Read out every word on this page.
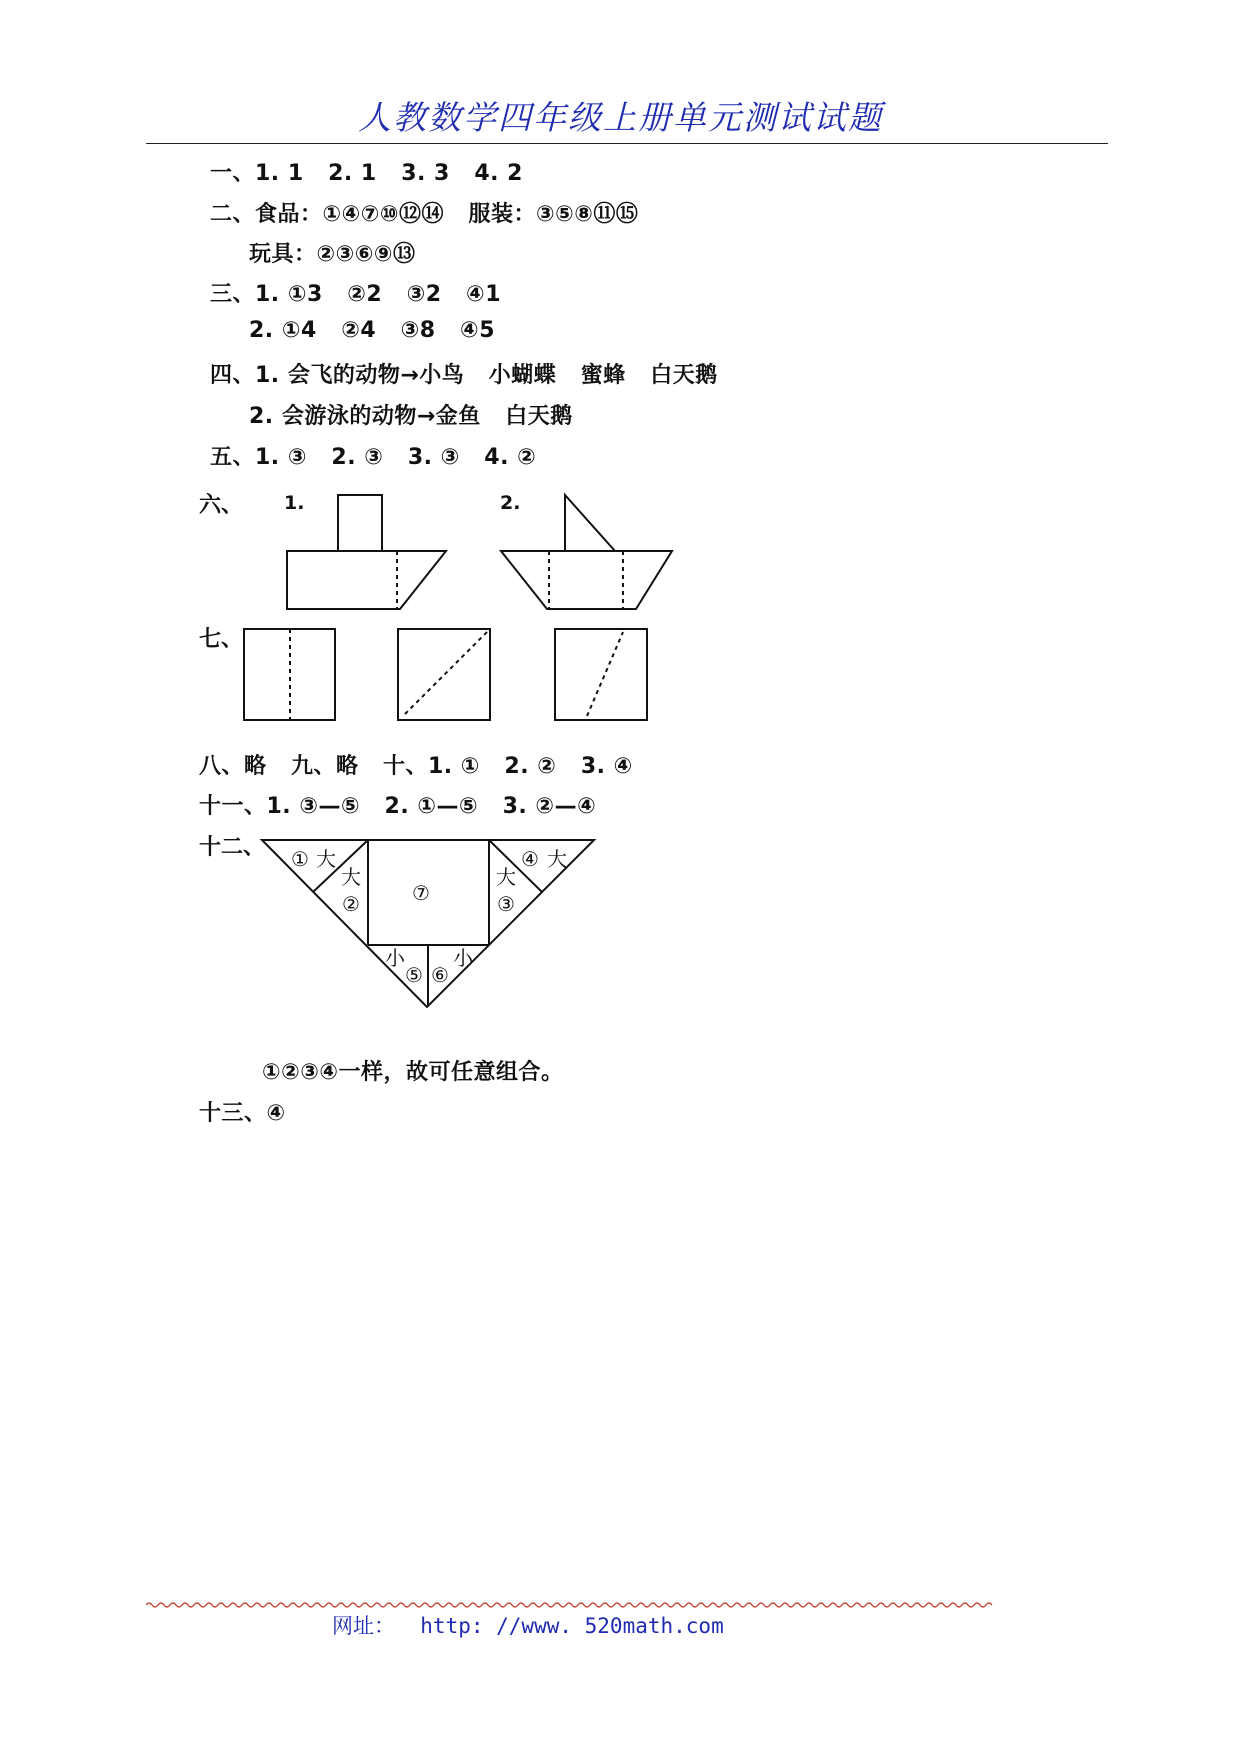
人教数学四年级上册单元测试试题
一、1. 1   2. 1   3. 3   4. 2
二、食品：①④⑦⑩⑫⑭   服装：③⑤⑧⑪⑮
玩具：②③⑥⑨⑬
三、1. ①3   ②2   ③2   ④1
2. ①4   ②4   ③8   ④5
四、1. 会飞的动物→小鸟   小蝴蝶   蜜蜂   白天鹅
2. 会游泳的动物→金鱼   白天鹅
五、1. ③   2. ③   3. ③   4. ②
六、 1.	2.
七、
八、略   九、略   十、1. ①   2. ②   3. ④
十一、1. ③—⑤   2. ①—⑤   3. ②—④
十二、 ① 大
大
②	⑦
大
③
④ 大
小
⑤ ⑥
小
①②③④一样，故可任意组合。
十三、④
网址：  http: //www. 520math.com
